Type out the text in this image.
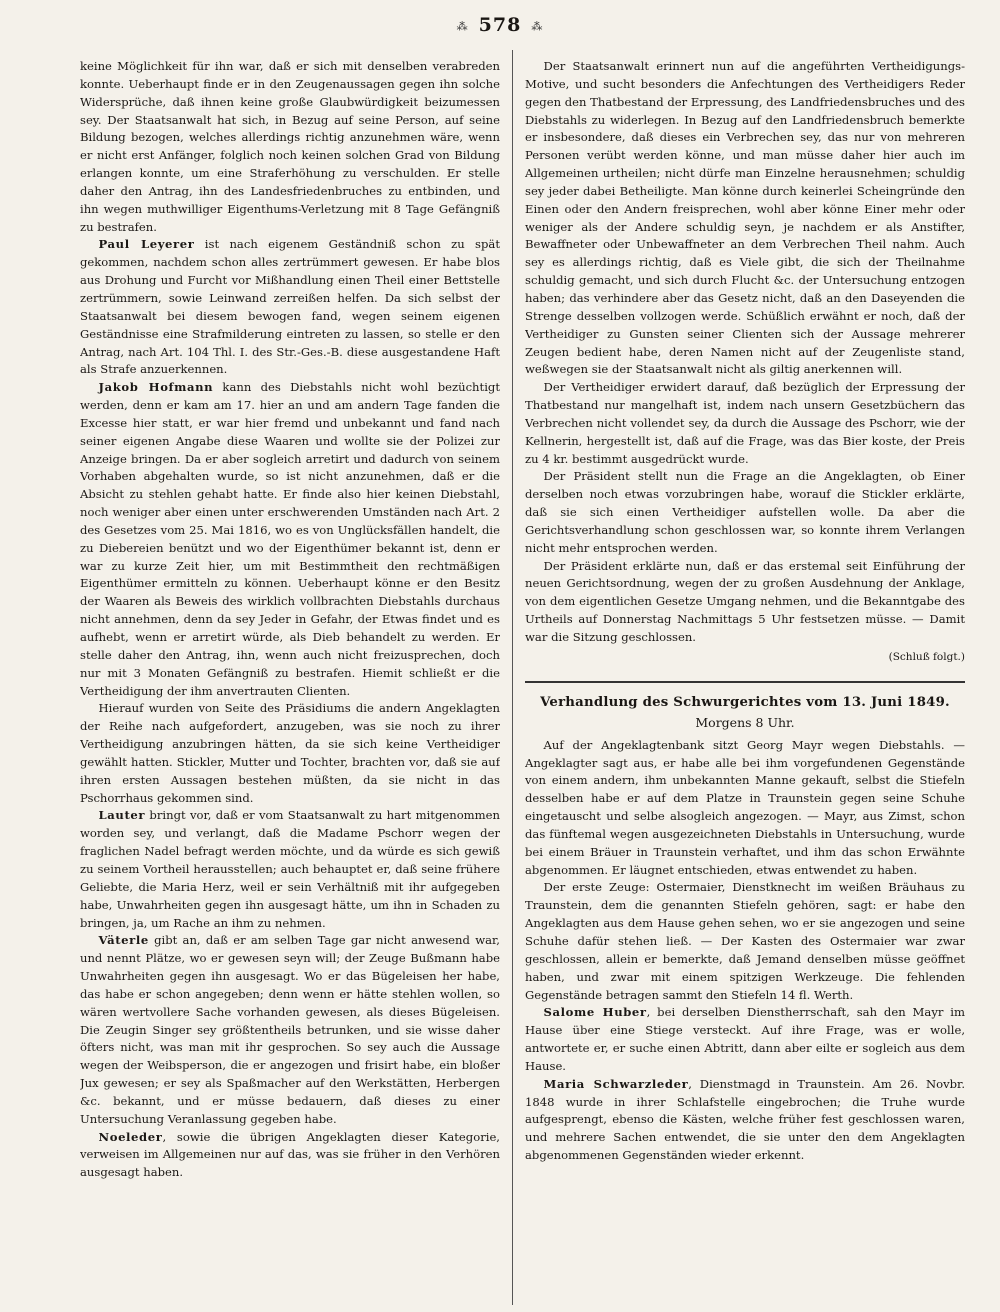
⁂ 578 ⁂

keine Möglichkeit für ihn war, daß er sich mit denselben verabreden konnte. Ueberhaupt finde er in den Zeugenaussagen gegen ihn solche Widersprüche, daß ihnen keine große Glaubwürdigkeit beizumessen sey. Der Staatsanwalt hat sich, in Bezug auf seine Person, auf seine Bildung bezogen, welches allerdings richtig anzunehmen wäre, wenn er nicht erst Anfänger, folglich noch keinen solchen Grad von Bildung erlangen konnte, um eine Straferhöhung zu verschulden. Er stelle daher den Antrag, ihn des Landesfriedenbruches zu entbinden, und ihn wegen muthwilliger Eigenthums-Verletzung mit 8 Tage Gefängniß zu bestrafen.

Paul Leyerer ist nach eigenem Geständniß schon zu spät gekommen, nachdem schon alles zertrümmert gewesen. Er habe blos aus Drohung und Furcht vor Mißhandlung einen Theil einer Bettstelle zertrümmern, sowie Leinwand zerreißen helfen. Da sich selbst der Staatsanwalt bei diesem bewogen fand, wegen seinem eigenen Geständnisse eine Strafmilderung eintreten zu lassen, so stelle er den Antrag, nach Art. 104 Thl. I. des Str.-Ges.-B. diese ausgestandene Haft als Strafe anzuerkennen.

Jakob Hofmann kann des Diebstahls nicht wohl bezüchtigt werden, denn er kam am 17. hier an und am andern Tage fanden die Excesse hier statt, er war hier fremd und unbekannt und fand nach seiner eigenen Angabe diese Waaren und wollte sie der Polizei zur Anzeige bringen. Da er aber sogleich arretirt und dadurch von seinem Vorhaben abgehalten wurde, so ist nicht anzunehmen, daß er die Absicht zu stehlen gehabt hatte. Er finde also hier keinen Diebstahl, noch weniger aber einen unter erschwerenden Umständen nach Art. 2 des Gesetzes vom 25. Mai 1816, wo es von Unglücksfällen handelt, die zu Diebereien benützt und wo der Eigenthümer bekannt ist, denn er war zu kurze Zeit hier, um mit Bestimmtheit den rechtmäßigen Eigenthümer ermitteln zu können. Ueberhaupt könne er den Besitz der Waaren als Beweis des wirklich vollbrachten Diebstahls durchaus nicht annehmen, denn da sey Jeder in Gefahr, der Etwas findet und es aufhebt, wenn er arretirt würde, als Dieb behandelt zu werden. Er stelle daher den Antrag, ihn, wenn auch nicht freizusprechen, doch nur mit 3 Monaten Gefängniß zu bestrafen. Hiemit schließt er die Vertheidigung der ihm anvertrauten Clienten.

Hierauf wurden von Seite des Präsidiums die andern Angeklagten der Reihe nach aufgefordert, anzugeben, was sie noch zu ihrer Vertheidigung anzubringen hätten, da sie sich keine Vertheidiger gewählt hatten. Stickler, Mutter und Tochter, brachten vor, daß sie auf ihren ersten Aussagen bestehen müßten, da sie nicht in das Pschorrhaus gekommen sind.

Lauter bringt vor, daß er vom Staatsanwalt zu hart mitgenommen worden sey, und verlangt, daß die Madame Pschorr wegen der fraglichen Nadel befragt werden möchte, und da würde es sich gewiß zu seinem Vortheil herausstellen; auch behauptet er, daß seine frühere Geliebte, die Maria Herz, weil er sein Verhältniß mit ihr aufgegeben habe, Unwahrheiten gegen ihn ausgesagt hätte, um ihn in Schaden zu bringen, ja, um Rache an ihm zu nehmen.

Väterle gibt an, daß er am selben Tage gar nicht anwesend war, und nennt Plätze, wo er gewesen seyn will; der Zeuge Bußmann habe Unwahrheiten gegen ihn ausgesagt. Wo er das Bügeleisen her habe, das habe er schon angegeben; denn wenn er hätte stehlen wollen, so wären wertvollere Sache vorhanden gewesen, als dieses Bügeleisen. Die Zeugin Singer sey größtentheils betrunken, und sie wisse daher öfters nicht, was man mit ihr gesprochen. So sey auch die Aussage wegen der Weibsperson, die er angezogen und frisirt habe, ein bloßer Jux gewesen; er sey als Spaßmacher auf den Werkstätten, Herbergen &c. bekannt, und er müsse bedauern, daß dieses zu einer Untersuchung Veranlassung gegeben habe.

Noeleder, sowie die übrigen Angeklagten dieser Kategorie, verweisen im Allgemeinen nur auf das, was sie früher in den Verhören ausgesagt haben.

Der Staatsanwalt erinnert nun auf die angeführten Vertheidigungs-Motive, und sucht besonders die Anfechtungen des Vertheidigers Reder gegen den Thatbestand der Erpressung, des Landfriedensbruches und des Diebstahls zu widerlegen. In Bezug auf den Landfriedensbruch bemerkte er insbesondere, daß dieses ein Verbrechen sey, das nur von mehreren Personen verübt werden könne, und man müsse daher hier auch im Allgemeinen urtheilen; nicht dürfe man Einzelne herausnehmen; schuldig sey jeder dabei Betheiligte. Man könne durch keinerlei Scheingründe den Einen oder den Andern freisprechen, wohl aber könne Einer mehr oder weniger als der Andere schuldig seyn, je nachdem er als Anstifter, Bewaffneter oder Unbewaffneter an dem Verbrechen Theil nahm. Auch sey es allerdings richtig, daß es Viele gibt, die sich der Theilnahme schuldig gemacht, und sich durch Flucht &c. der Untersuchung entzogen haben; das verhindere aber das Gesetz nicht, daß an den Daseyenden die Strenge desselben vollzogen werde. Schüßlich erwähnt er noch, daß der Vertheidiger zu Gunsten seiner Clienten sich der Aussage mehrerer Zeugen bedient habe, deren Namen nicht auf der Zeugenliste stand, weßwegen sie der Staatsanwalt nicht als giltig anerkennen will.

Der Vertheidiger erwidert darauf, daß bezüglich der Erpressung der Thatbestand nur mangelhaft ist, indem nach unsern Gesetzbüchern das Verbrechen nicht vollendet sey, da durch die Aussage des Pschorr, wie der Kellnerin, hergestellt ist, daß auf die Frage, was das Bier koste, der Preis zu 4 kr. bestimmt ausgedrückt wurde.

Der Präsident stellt nun die Frage an die Angeklagten, ob Einer derselben noch etwas vorzubringen habe, worauf die Stickler erklärte, daß sie sich einen Vertheidiger aufstellen wolle. Da aber die Gerichtsverhandlung schon geschlossen war, so konnte ihrem Verlangen nicht mehr entsprochen werden.

Der Präsident erklärte nun, daß er das erstemal seit Einführung der neuen Gerichtsordnung, wegen der zu großen Ausdehnung der Anklage, von dem eigentlichen Gesetze Umgang nehmen, und die Bekanntgabe des Urtheils auf Donnerstag Nachmittags 5 Uhr festsetzen müsse. — Damit war die Sitzung geschlossen.

(Schluß folgt.)
Verhandlung des Schwurgerichtes vom 13. Juni 1849.
Morgens 8 Uhr.

Auf der Angeklagtenbank sitzt Georg Mayr wegen Diebstahls. — Angeklagter sagt aus, er habe alle bei ihm vorgefundenen Gegenstände von einem andern, ihm unbekannten Manne gekauft, selbst die Stiefeln desselben habe er auf dem Platze in Traunstein gegen seine Schuhe eingetauscht und selbe alsogleich angezogen. — Mayr, aus Zimst, schon das fünftemal wegen ausgezeichneten Diebstahls in Untersuchung, wurde bei einem Bräuer in Traunstein verhaftet, und ihm das schon Erwähnte abgenommen. Er läugnet entschieden, etwas entwendet zu haben.

Der erste Zeuge: Ostermaier, Dienstknecht im weißen Bräuhaus zu Traunstein, dem die genannten Stiefeln gehören, sagt: er habe den Angeklagten aus dem Hause gehen sehen, wo er sie angezogen und seine Schuhe dafür stehen ließ. — Der Kasten des Ostermaier war zwar geschlossen, allein er bemerkte, daß Jemand denselben müsse geöffnet haben, und zwar mit einem spitzigen Werkzeuge. Die fehlenden Gegenstände betragen sammt den Stiefeln 14 fl. Werth.

Salome Huber, bei derselben Dienstherrschaft, sah den Mayr im Hause über eine Stiege versteckt. Auf ihre Frage, was er wolle, antwortete er, er suche einen Abtritt, dann aber eilte er sogleich aus dem Hause.

Maria Schwarzleder, Dienstmagd in Traunstein. Am 26. Novbr. 1848 wurde in ihrer Schlafstelle eingebrochen; die Truhe wurde aufgesprengt, ebenso die Kästen, welche früher fest geschlossen waren, und mehrere Sachen entwendet, die sie unter den dem Angeklagten abgenommenen Gegenständen wieder erkennt.
